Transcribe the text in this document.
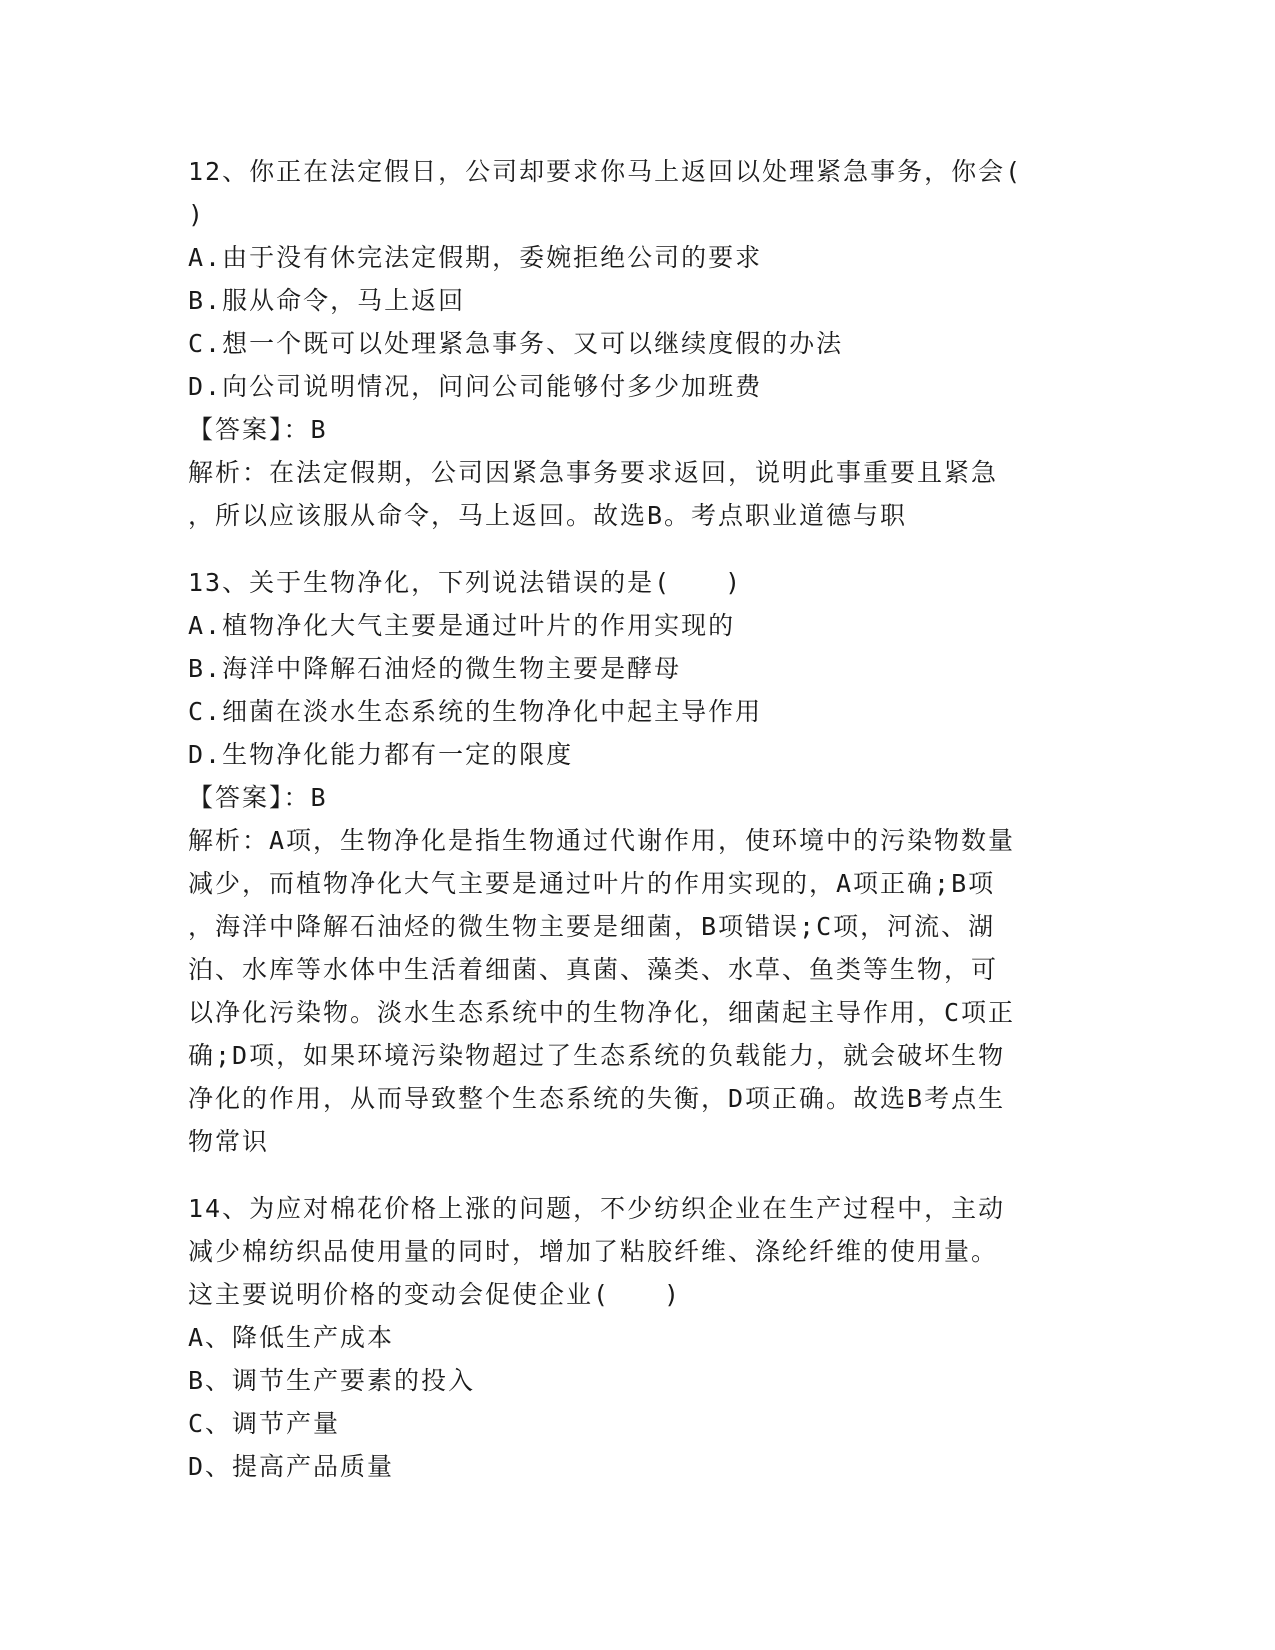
12、你正在法定假日，公司却要求你马上返回以处理紧急事务，你会(
)
A.由于没有休完法定假期，委婉拒绝公司的要求
B.服从命令，马上返回
C.想一个既可以处理紧急事务、又可以继续度假的办法
D.向公司说明情况，问问公司能够付多少加班费
【答案】：B
解析：在法定假期，公司因紧急事务要求返回，说明此事重要且紧急
，所以应该服从命令，马上返回。故选B。考点职业道德与职
13、关于生物净化，下列说法错误的是(　　)
A.植物净化大气主要是通过叶片的作用实现的
B.海洋中降解石油烃的微生物主要是酵母
C.细菌在淡水生态系统的生物净化中起主导作用
D.生物净化能力都有一定的限度
【答案】：B
解析：A项，生物净化是指生物通过代谢作用，使环境中的污染物数量
减少，而植物净化大气主要是通过叶片的作用实现的，A项正确;B项
，海洋中降解石油烃的微生物主要是细菌，B项错误;C项，河流、湖
泊、水库等水体中生活着细菌、真菌、藻类、水草、鱼类等生物，可
以净化污染物。淡水生态系统中的生物净化，细菌起主导作用，C项正
确;D项，如果环境污染物超过了生态系统的负载能力，就会破坏生物
净化的作用，从而导致整个生态系统的失衡，D项正确。故选B考点生
物常识
14、为应对棉花价格上涨的问题，不少纺织企业在生产过程中，主动
减少棉纺织品使用量的同时，增加了粘胶纤维、涤纶纤维的使用量。
这主要说明价格的变动会促使企业(　　)
A、降低生产成本
B、调节生产要素的投入
C、调节产量
D、提高产品质量
